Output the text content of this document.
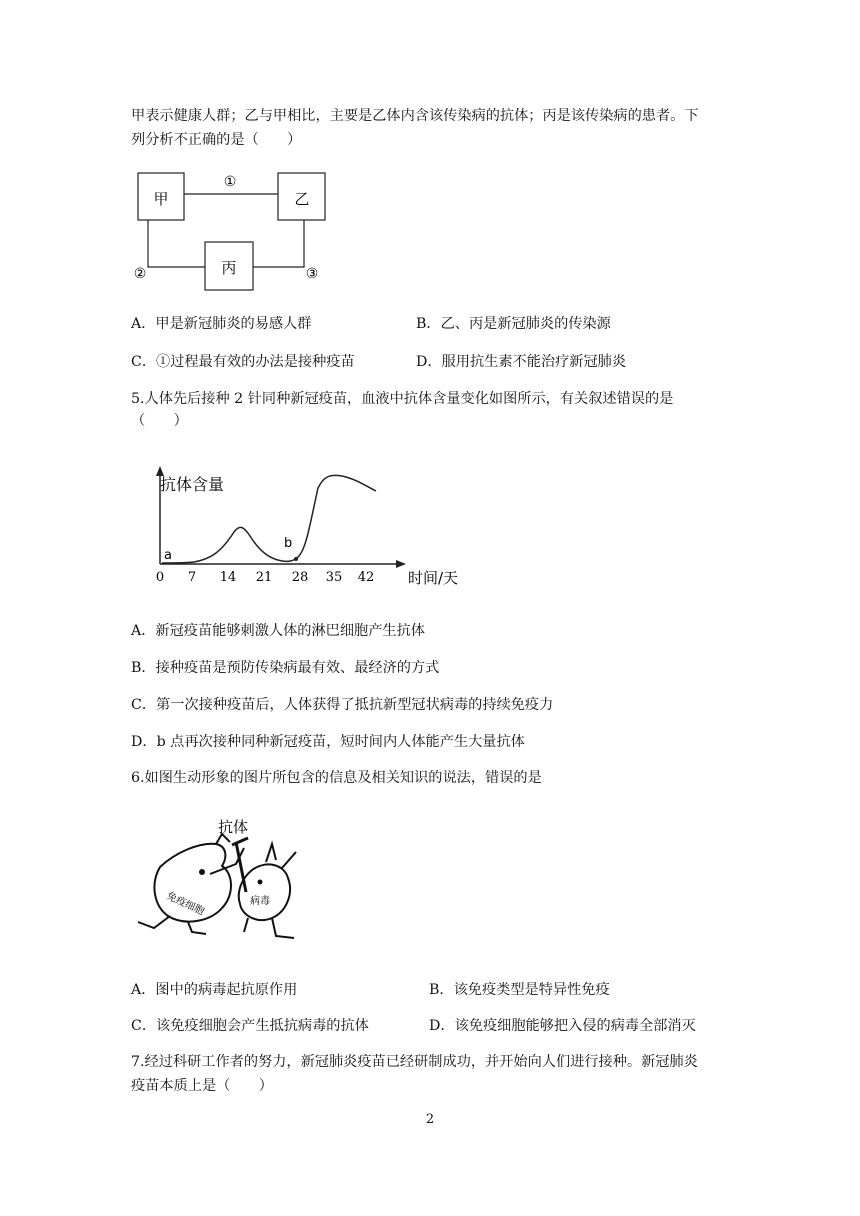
甲表示健康人群；乙与甲相比，主要是乙体内含该传染病的抗体；丙是该传染病的患者。下
列分析不正确的是（　　）
甲	乙
丙
①
②	③
A．甲是新冠肺炎的易感人群	B．乙、丙是新冠肺炎的传染源
C．①过程最有效的办法是接种疫苗	D．服用抗生素不能治疗新冠肺炎
5.人体先后接种 2 针同种新冠疫苗，血液中抗体含量变化如图所示，有关叙述错误的是
（　　）
抗体含量
时间/天
a
b
0 7 14 21 28 35 42
A．新冠疫苗能够刺激人体的淋巴细胞产生抗体
B．接种疫苗是预防传染病最有效、最经济的方式
C．第一次接种疫苗后，人体获得了抵抗新型冠状病毒的持续免疫力
D．b 点再次接种同种新冠疫苗，短时间内人体能产生大量抗体
6.如图生动形象的图片所包含的信息及相关知识的说法，错误的是
抗体
免疫细胞	病毒
A．图中的病毒起抗原作用	B．该免疫类型是特异性免疫
C．该免疫细胞会产生抵抗病毒的抗体	D．该免疫细胞能够把入侵的病毒全部消灭
7.经过科研工作者的努力，新冠肺炎疫苗已经研制成功，并开始向人们进行接种。新冠肺炎
疫苗本质上是（　　）
2
